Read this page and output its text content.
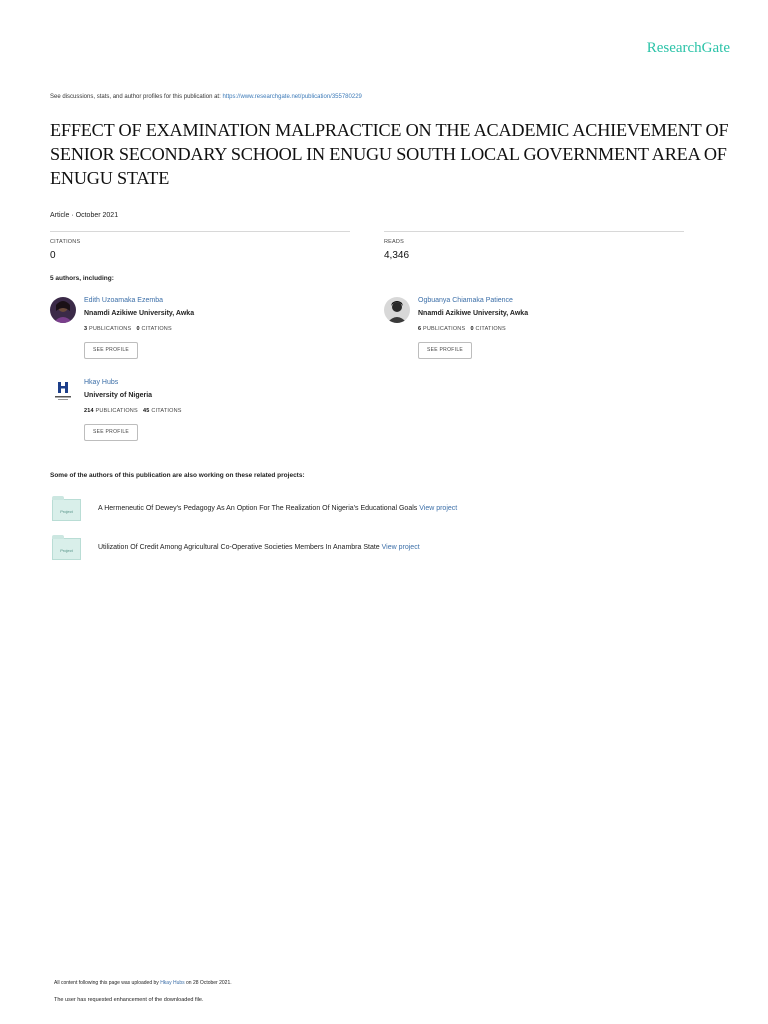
ResearchGate
See discussions, stats, and author profiles for this publication at: https://www.researchgate.net/publication/355780229
EFFECT OF EXAMINATION MALPRACTICE ON THE ACADEMIC ACHIEVEMENT OF SENIOR SECONDARY SCHOOL IN ENUGU SOUTH LOCAL GOVERNMENT AREA OF ENUGU STATE
Article · October 2021
CITATIONS
0
READS
4,346
5 authors, including:
Edith Uzoamaka Ezemba
Nnamdi Azikiwe University, Awka
3 PUBLICATIONS 0 CITATIONS
SEE PROFILE
Ogbuanya Chiamaka Patience
Nnamdi Azikiwe University, Awka
6 PUBLICATIONS 0 CITATIONS
SEE PROFILE
Hkay Hubs
University of Nigeria
214 PUBLICATIONS 45 CITATIONS
SEE PROFILE
Some of the authors of this publication are also working on these related projects:
Project	A Hermeneutic Of Dewey's Pedagogy As An Option For The Realization Of Nigeria's Educational Goals View project
Project	Utilization Of Credit Among Agricultural Co-Operative Societies Members In Anambra State View project
All content following this page was uploaded by Hkay Hubs on 28 October 2021.
The user has requested enhancement of the downloaded file.
